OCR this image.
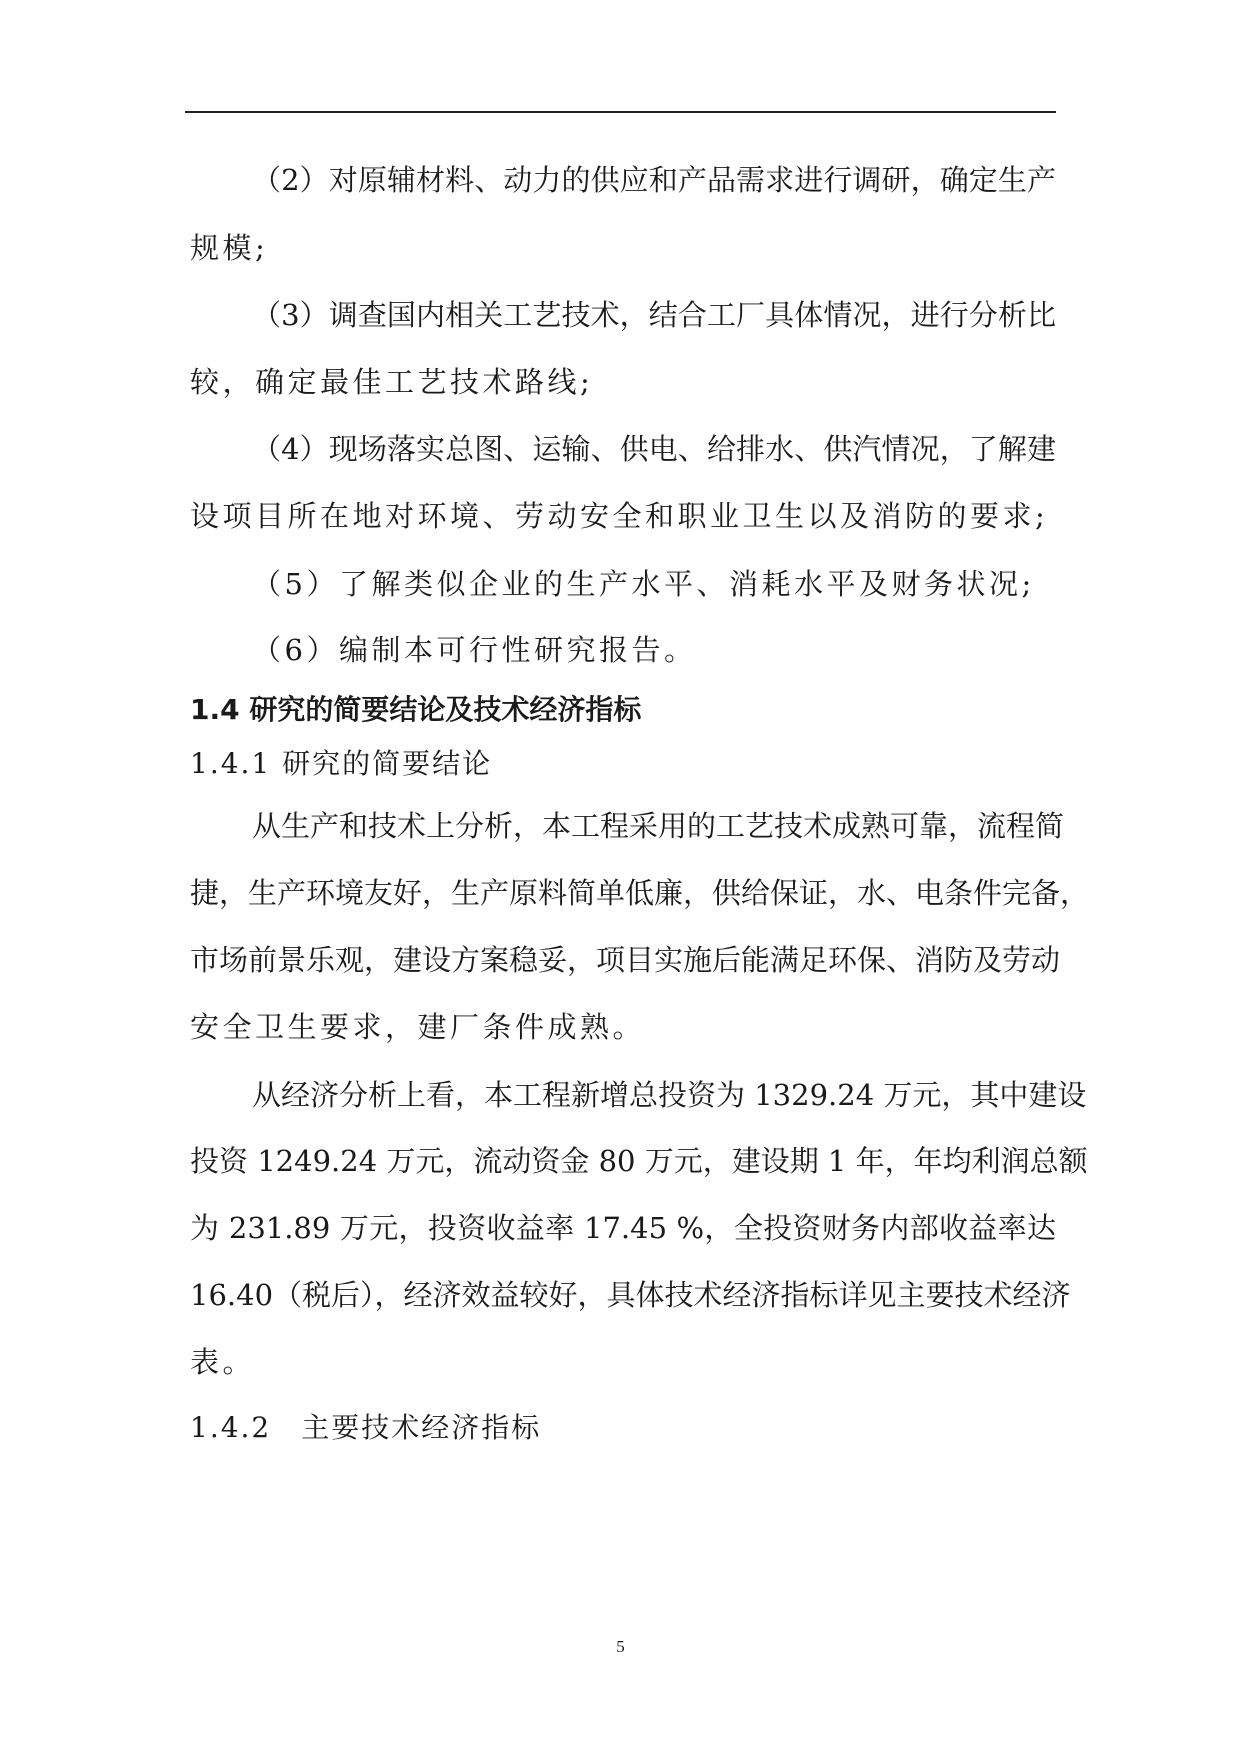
（2）对原辅材料、动力的供应和产品需求进行调研，确定生产
规模;
（3）调查国内相关工艺技术，结合工厂具体情况，进行分析比
较，确定最佳工艺技术路线;
（4）现场落实总图、运输、供电、给排水、供汽情况，了解建
设项目所在地对环境、劳动安全和职业卫生以及消防的要求;
（5）了解类似企业的生产水平、消耗水平及财务状况;
（6）编制本可行性研究报告。
1.4 研究的简要结论及技术经济指标
1.4.1 研究的简要结论
从生产和技术上分析，本工程采用的工艺技术成熟可靠，流程简
捷，生产环境友好，生产原料简单低廉，供给保证，水、电条件完备，
市场前景乐观，建设方案稳妥，项目实施后能满足环保、消防及劳动
安全卫生要求，建厂条件成熟。
从经济分析上看，本工程新增总投资为 1329.24 万元，其中建设
投资 1249.24 万元，流动资金 80 万元，建设期 1 年，年均利润总额
为 231.89 万元，投资收益率 17.45 %，全投资财务内部收益率达
16.40（税后），经济效益较好，具体技术经济指标详见主要技术经济
表。
1.4.2　主要技术经济指标
5
